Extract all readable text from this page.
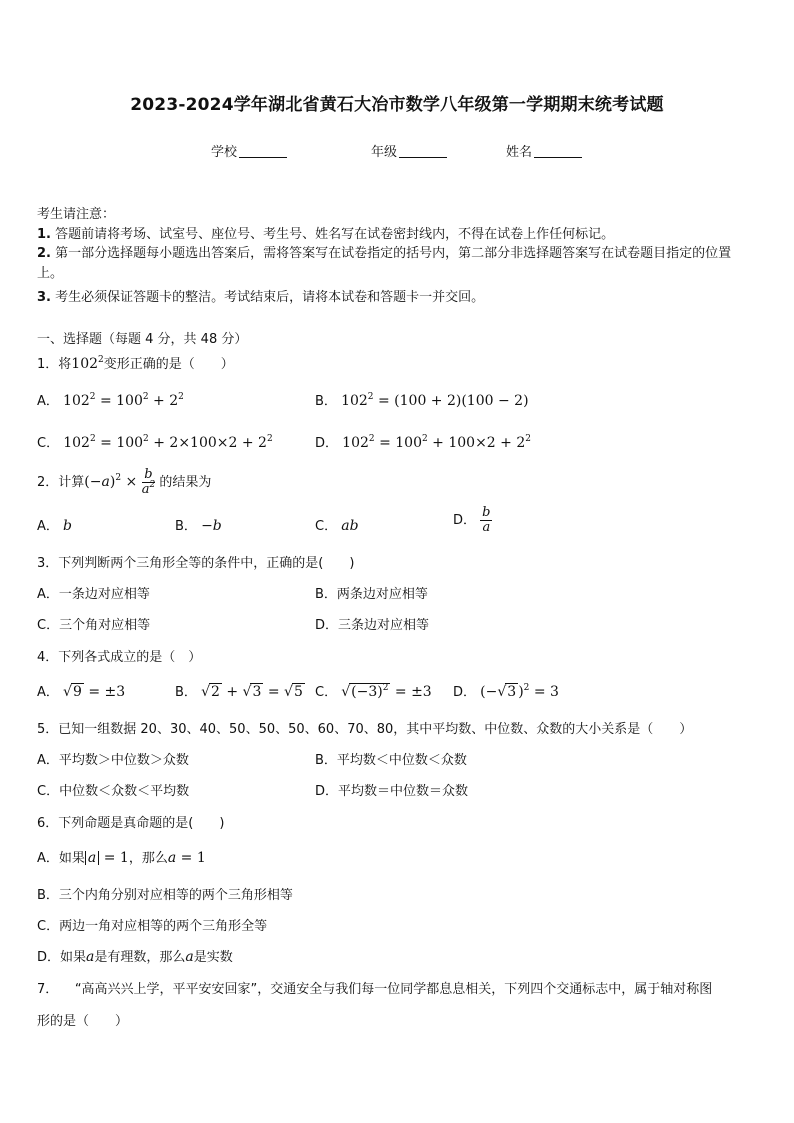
2023-2024学年湖北省黄石大冶市数学八年级第一学期期末统考试题
学校	年级	姓名
考生请注意：
1. 答题前请将考场、试室号、座位号、考生号、姓名写在试卷密封线内，不得在试卷上作任何标记。
2. 第一部分选择题每小题选出答案后，需将答案写在试卷指定的括号内，第二部分非选择题答案写在试卷题目指定的位置上。
3. 考生必须保证答题卡的整洁。考试结束后，请将本试卷和答题卡一并交回。
一、选择题（每题 4 分，共 48 分）
1．将$102^2$变形正确的是（　　）
A． $102^2 = 100^2 + 2^2$	B． $102^2 = (100 + 2)(100 - 2)$
C． $102^2 = 100^2 + 2\times 100\times 2 + 2^2$	D． $102^2 = 100^2 + 100\times 2 + 2^2$
2．计算$(-a)^2 \times \frac{b}{a^2}$ 的结果为
A． b	B． −b	C． ab	D． $\frac{b}{a}$
3．下列判断两个三角形全等的条件中，正确的是(　　)
A．一条边对应相等	B．两条边对应相等
C．三个角对应相等	D．三条边对应相等
4．下列各式成立的是（　）
A． √9 = ±3	B． √2 + √3 = √5 C． $√(-3)^2 = \pm 3$ D． (−√3 )$^2$ = 3
5．已知一组数据 20、30、40、50、50、50、60、70、80，其中平均数、中位数、众数的大小关系是（　　）
A．平均数＞中位数＞众数	B．平均数＜中位数＜众数
C．中位数＜众数＜平均数	D．平均数＝中位数＝众数
6．下列命题是真命题的是(　　)
A．如果 a = 1，那么a = 1
B．三个内角分别对应相等的两个三角形相等
C．两边一角对应相等的两个三角形全等
D．如果a是有理数，那么a是实数
7． “高高兴兴上学，平平安安回家”，交通安全与我们每一位同学都息息相关，下列四个交通标志中，属于轴对称图
形的是（　　）
